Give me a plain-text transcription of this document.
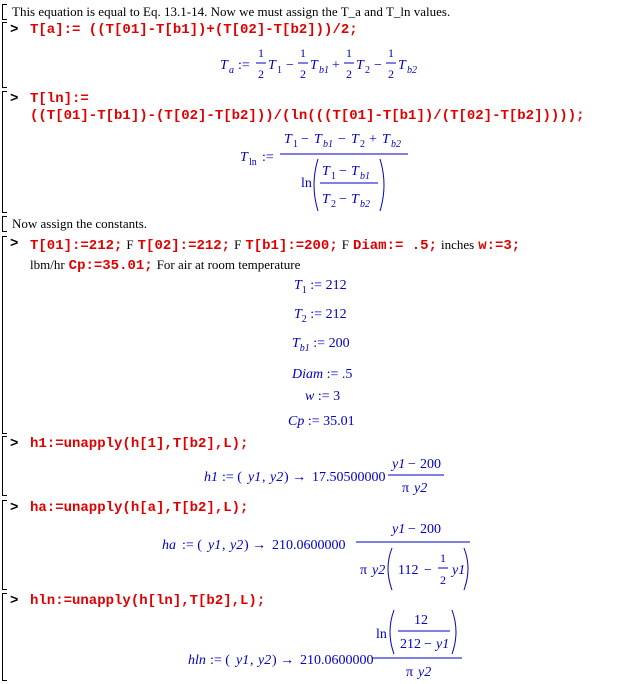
This equation is equal to Eq. 13.1-14. Now we must assign the T_a and T_ln values.
> T[a]:= ((T[01]-T[b1])+(T[02]-T[b2]))/2;
T a :=
1
2
T 1 −
1
2
T b1 +
1
2
T 2 −
1
2
T b2
> T[ln]:=
((T[01]-T[b1])-(T[02]-T[b2]))/(ln(((T[01]-T[b1])/(T[02]-T[b2]))));
T ln :=
T 1 − T b1 − T 2 + T b2
ln
T 1 − T b1
T 2 − T b2
Now assign the constants.
> T[01]:=212; F T[02]:=212; F T[b1]:=200; F Diam:= .5; inches w:=3;
lbm/hr Cp:=35.01; For air at room temperature
$T_1$ := 212
$T_2$ := 212
$T_{b1}$ := 200
Diam := .5
w := 3
Cp := 35.01
> h1:=unapply(h[1],T[b2],L);
h1 := ( y1 , y2 ) → 17.50500000
y1 − 200
π y2
> ha:=unapply(h[a],T[b2],L);
ha := ( y1 , y2 ) → 210.0600000
y1 − 200
π y2 112 −
1
2
y1
> hln:=unapply(h[ln],T[b2],L);
hln := ( y1 , y2 ) → 210.0600000
ln
12
212 − y1
π y2
